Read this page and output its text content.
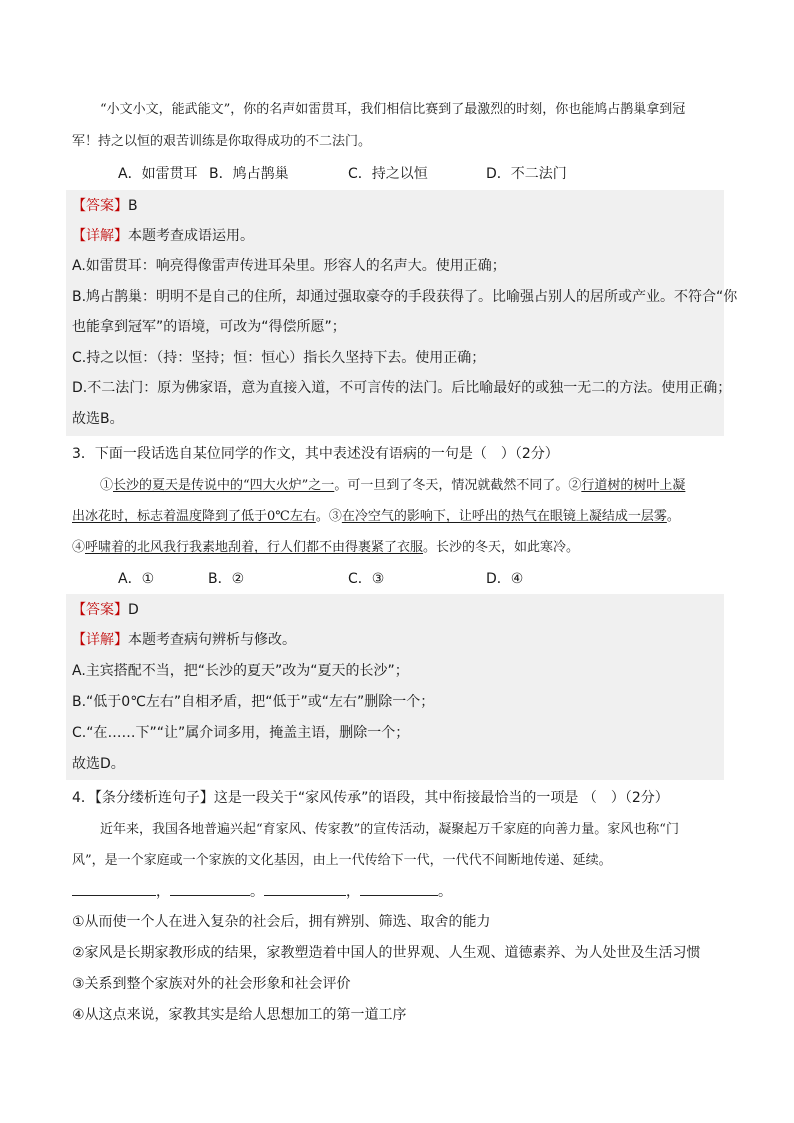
“小文小文，能武能文”，你的名声如雷贯耳，我们相信比赛到了最激烈的时刻，你也能鸠占鹊巢拿到冠
军！持之以恒的艰苦训练是你取得成功的不二法门。
A．如雷贯耳 B．鸠占鹊巢	C．持之以恒	D．不二法门
【答案】B
【详解】本题考查成语运用。
A.如雷贯耳：响亮得像雷声传进耳朵里。形容人的名声大。使用正确；
B.鸠占鹊巢：明明不是自己的住所，却通过强取豪夺的手段获得了。比喻强占别人的居所或产业。不符合“你
也能拿到冠军”的语境，可改为“得偿所愿”；
C.持之以恒：（持：坚持；恒：恒心）指长久坚持下去。使用正确；
D.不二法门：原为佛家语，意为直接入道，不可言传的法门。后比喻最好的或独一无二的方法。使用正确；
故选B。
3．下面一段话选自某位同学的作文，其中表述没有语病的一句是（　）（2分）
①长沙的夏天是传说中的“四大火炉”之一。可一旦到了冬天，情况就截然不同了。②行道树的树叶上凝
出冰花时，标志着温度降到了低于0℃左右。③在冷空气的影响下，让呼出的热气在眼镜上凝结成一层雾。
④呼啸着的北风我行我素地刮着，行人们都不由得裹紧了衣服。长沙的冬天，如此寒冷。
A．①	B．②	C．③	D．④
【答案】D
【详解】本题考查病句辨析与修改。
A.主宾搭配不当，把“长沙的夏天”改为“夏天的长沙”；
B.“低于0℃左右”自相矛盾，把“低于”或“左右”删除一个；
C.“在……下”“让”属介词多用，掩盖主语，删除一个；
故选D。
4．【条分缕析连句子】这是一段关于“家风传承”的语段，其中衔接最恰当的一项是 （　）（2分）
近年来，我国各地普遍兴起“育家风、传家教”的宣传活动，凝聚起万千家庭的向善力量。家风也称“门
风”，是一个家庭或一个家族的文化基因，由上一代传给下一代，一代代不间断地传递、延续。
，	。	，	。
①从而使一个人在进入复杂的社会后，拥有辨别、筛选、取舍的能力
②家风是长期家教形成的结果，家教塑造着中国人的世界观、人生观、道德素养、为人处世及生活习惯
③关系到整个家族对外的社会形象和社会评价
④从这点来说，家教其实是给人思想加工的第一道工序
